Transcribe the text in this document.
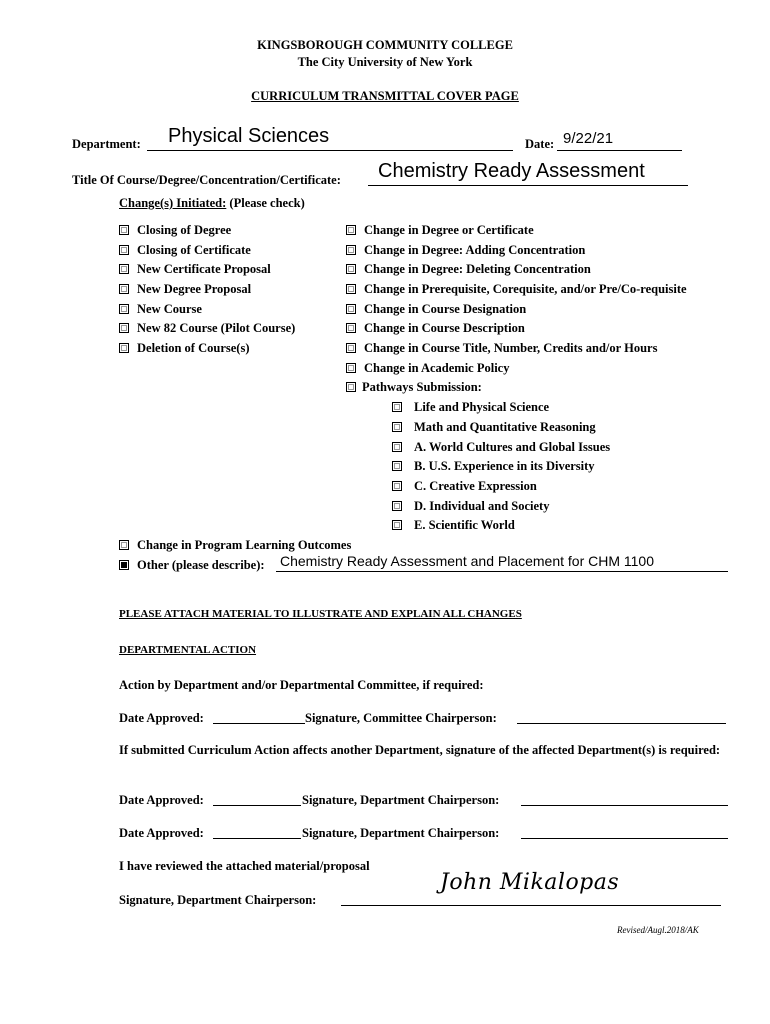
KINGSBOROUGH COMMUNITY COLLEGE
The City University of New York
CURRICULUM TRANSMITTAL COVER PAGE
Department: Physical Sciences	Date: 9/22/21
Title Of Course/Degree/Concentration/Certificate: Chemistry Ready Assessment
Change(s) Initiated: (Please check)
Closing of Degree
Closing of Certificate
New Certificate Proposal
New Degree Proposal
New Course
New 82 Course (Pilot Course)
Deletion of Course(s)
Change in Degree or Certificate
Change in Degree: Adding Concentration
Change in Degree: Deleting Concentration
Change in Prerequisite, Corequisite, and/or Pre/Co-requisite
Change in Course Designation
Change in Course Description
Change in Course Title, Number, Credits and/or Hours
Change in Academic Policy
Pathways Submission:
Life and Physical Science
Math and Quantitative Reasoning
A. World Cultures and Global Issues
B. U.S. Experience in its Diversity
C. Creative Expression
D. Individual and Society
E. Scientific World
Change in Program Learning Outcomes
Other (please describe): Chemistry Ready Assessment and Placement for CHM 1100
PLEASE ATTACH MATERIAL TO ILLUSTRATE AND EXPLAIN ALL CHANGES
DEPARTMENTAL ACTION
Action by Department and/or Departmental Committee, if required:
Date Approved:	Signature, Committee Chairperson:
If submitted Curriculum Action affects another Department, signature of the affected Department(s) is required:
Date Approved:	Signature, Department Chairperson:
Date Approved:	Signature, Department Chairperson:
I have reviewed the attached material/proposal
Signature, Department Chairperson:
John Mikalopas
Revised/Augl.2018/AK
